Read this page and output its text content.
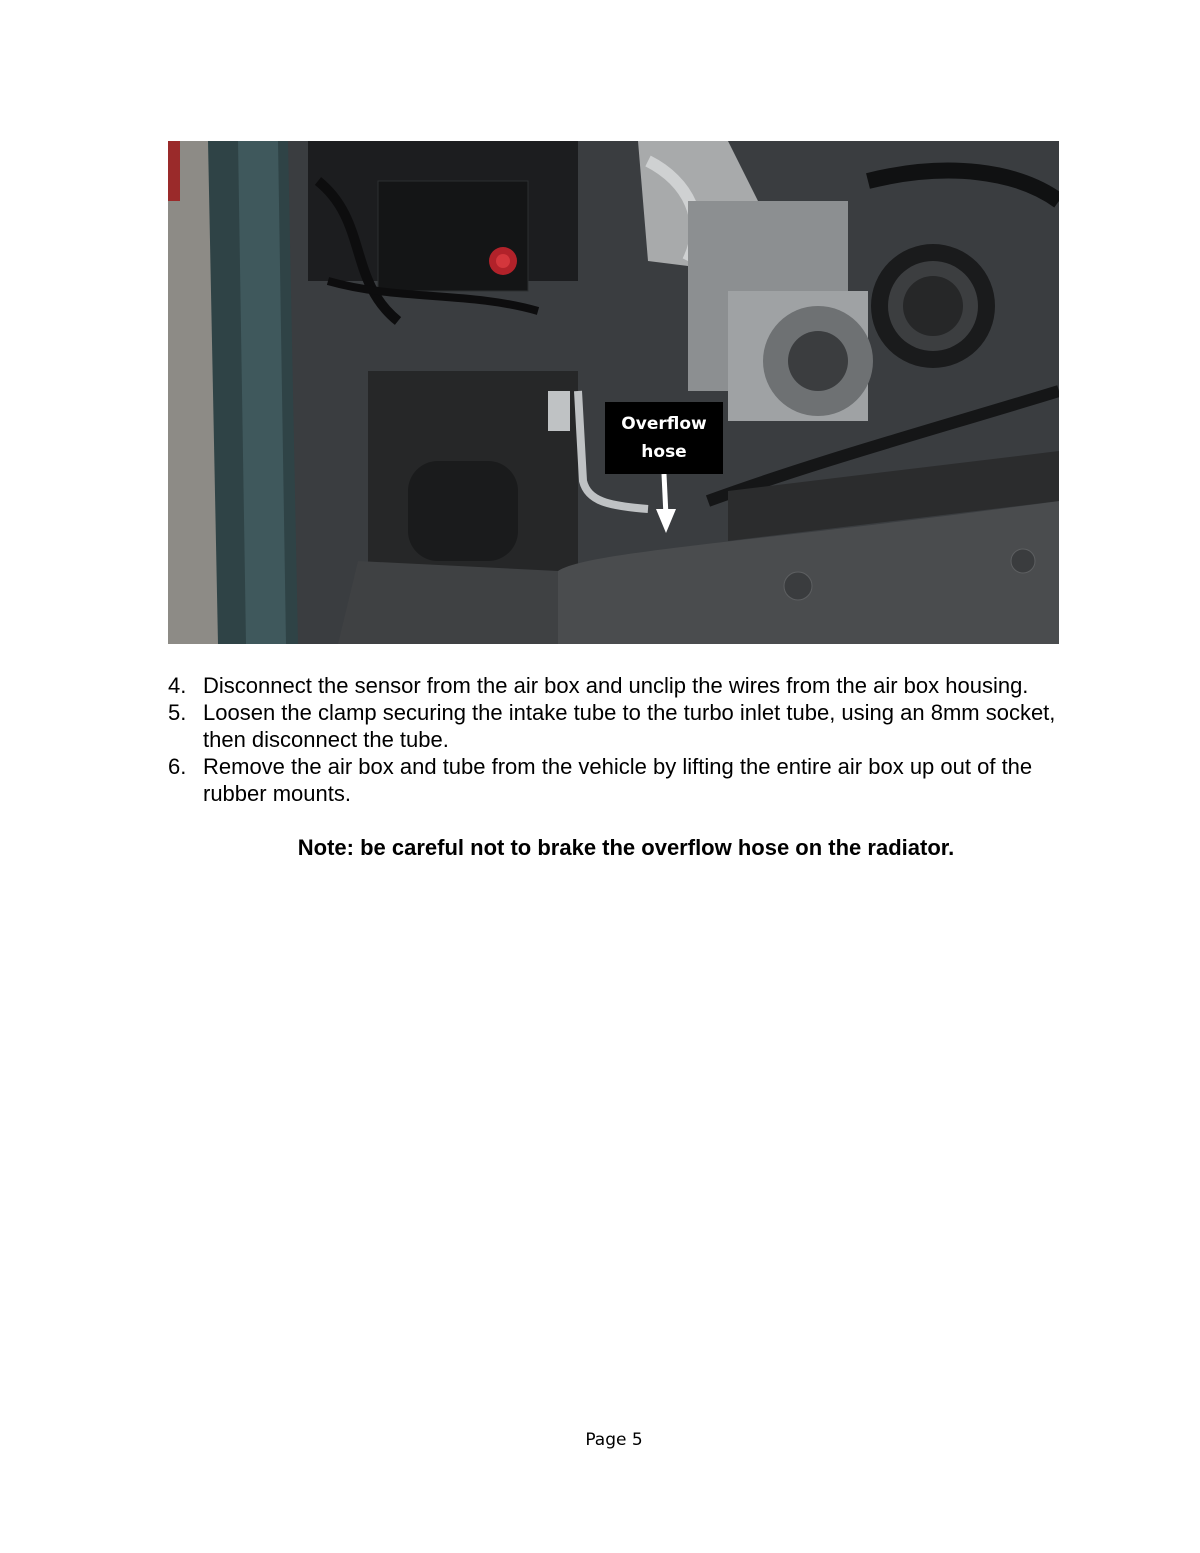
Overflow
hose
4. Disconnect the sensor from the air box and unclip the wires from the air box housing.
5. Loosen the clamp securing the intake tube to the turbo inlet tube, using an 8mm socket, then disconnect the tube.
6. Remove the air box and tube from the vehicle by lifting the entire air box up out of the rubber mounts.
Note: be careful not to brake the overflow hose on the radiator.
Page 5
